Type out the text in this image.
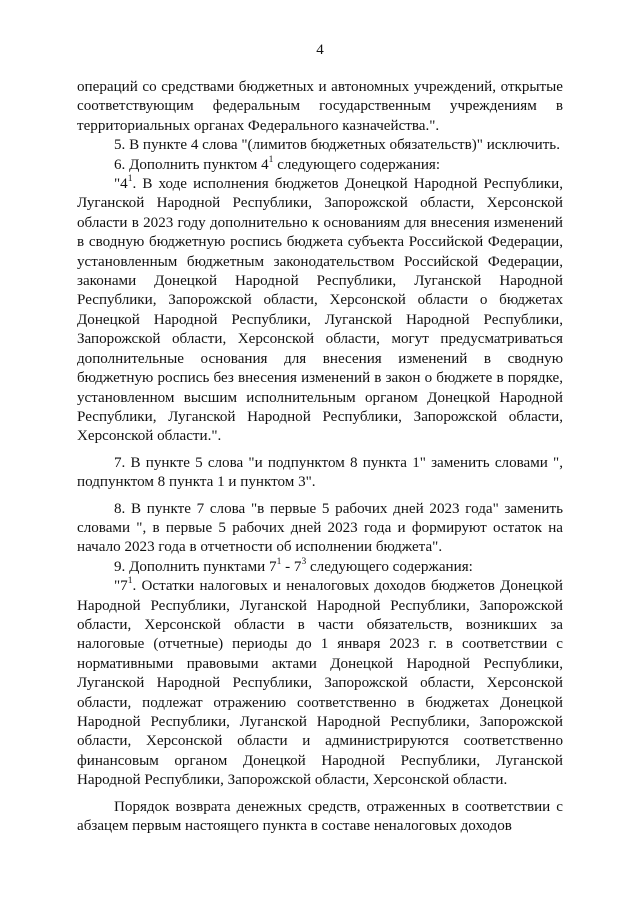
4

операций со средствами бюджетных и автономных учреждений, открытые соответствующим федеральным государственным учреждениям в территориальных органах Федерального казначейства.".

5. В пункте 4 слова "(лимитов бюджетных обязательств)" исключить.

6. Дополнить пунктом $4^1$ следующего содержания:

"$4^1$. В ходе исполнения бюджетов Донецкой Народной Республики, Луганской Народной Республики, Запорожской области, Херсонской области в 2023 году дополнительно к основаниям для внесения изменений в сводную бюджетную роспись бюджета субъекта Российской Федерации, установленным бюджетным законодательством Российской Федерации, законами Донецкой Народной Республики, Луганской Народной Республики, Запорожской области, Херсонской области о бюджетах Донецкой Народной Республики, Луганской Народной Республики, Запорожской области, Херсонской области, могут предусматриваться дополнительные основания для внесения изменений в сводную бюджетную роспись без внесения изменений в закон о бюджете в порядке, установленном высшим исполнительным органом Донецкой Народной Республики, Луганской Народной Республики, Запорожской области, Херсонской области.".

7. В пункте 5 слова "и подпунктом 8 пункта 1" заменить словами ", подпунктом 8 пункта 1 и пунктом 3".

8. В пункте 7 слова "в первые 5 рабочих дней 2023 года" заменить словами ", в первые 5 рабочих дней 2023 года и формируют остаток на начало 2023 года в отчетности об исполнении бюджета".

9. Дополнить пунктами $7^1 - 7^3$ следующего содержания:

"$7^1$. Остатки налоговых и неналоговых доходов бюджетов Донецкой Народной Республики, Луганской Народной Республики, Запорожской области, Херсонской области в части обязательств, возникших за налоговые (отчетные) периоды до 1 января 2023 г. в соответствии с нормативными правовыми актами Донецкой Народной Республики, Луганской Народной Республики, Запорожской области, Херсонской области, подлежат отражению соответственно в бюджетах Донецкой Народной Республики, Луганской Народной Республики, Запорожской области, Херсонской области и администрируются соответственно финансовым органом Донецкой Народной Республики, Луганской Народной Республики, Запорожской области, Херсонской области.

Порядок возврата денежных средств, отраженных в соответствии с абзацем первым настоящего пункта в составе неналоговых доходов
